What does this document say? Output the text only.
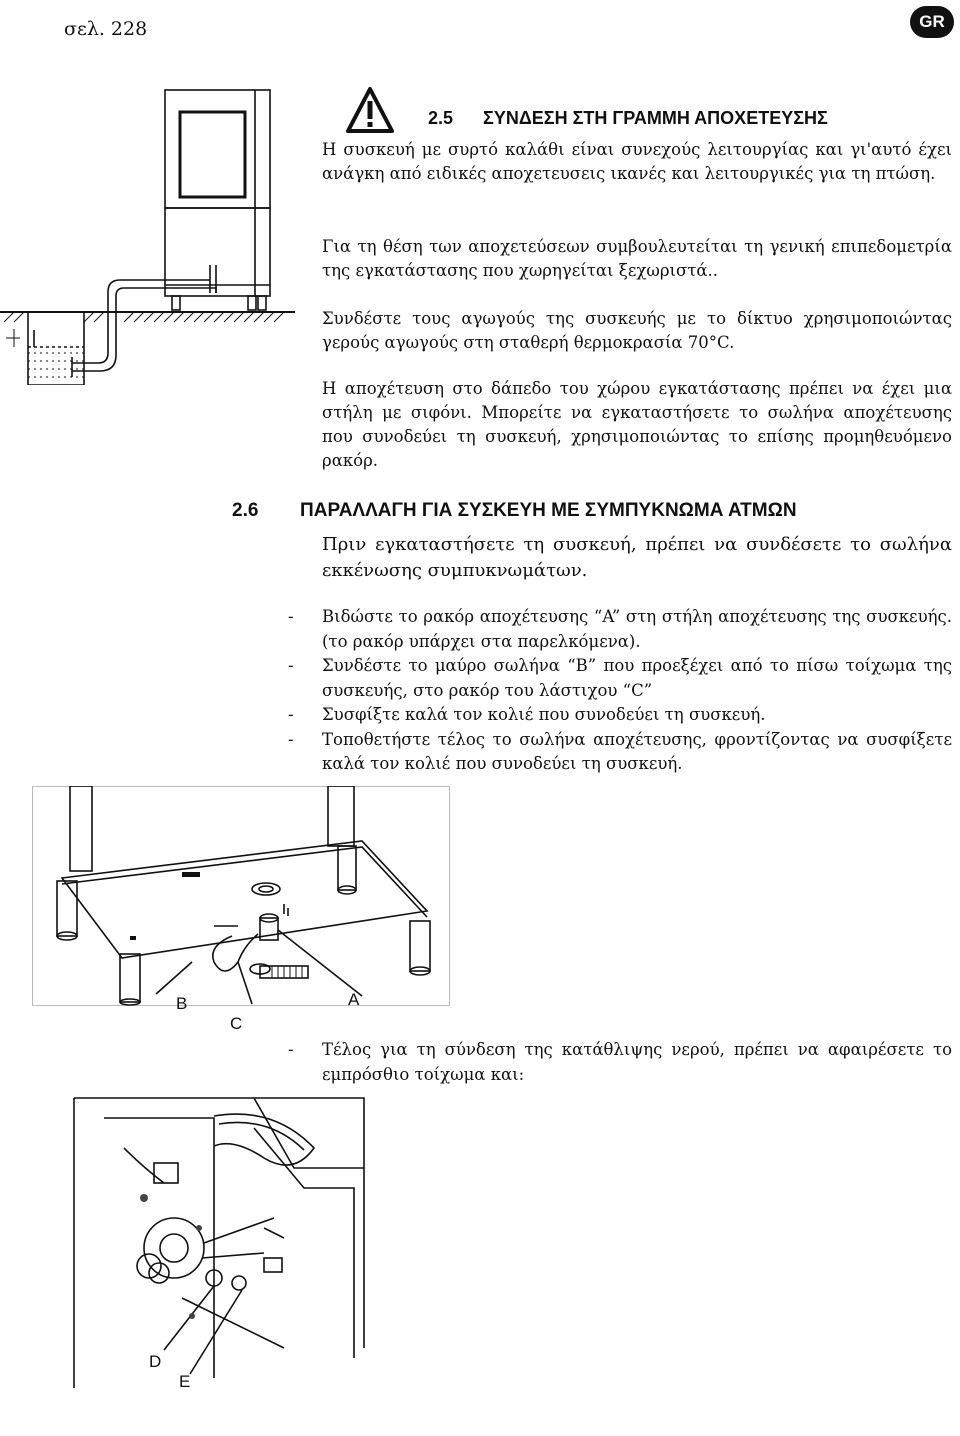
σελ. 228	GR
2.5      ΣΥΝΔΕΣΗ ΣΤΗ ΓΡΑΜΜΗ ΑΠΟΧΕΤΕΥΣΗΣ
Η συσκευή με συρτό καλάθι είναι συνεχούς λειτουργίας και γι'αυτό έχει ανάγκη από ειδικές αποχετευσεις ικανές και λειτουργικές για τη πτώση.
Για τη θέση των αποχετεύσεων συμβουλευτείται τη γενική επιπεδομετρία της εγκατάστασης που χωρηγείται ξεχωριστά..
Συνδέστε τους αγωγούς της συσκευής με το δίκτυο χρησιμοποιώντας γερούς αγωγούς στη σταθερή θερμοκρασία 70°C.
Η αποχέτευση στο δάπεδο του χώρου εγκατάστασης πρέπει να έχει μια στήλη με σιφόνι. Μπορείτε να εγκαταστήσετε το σωλήνα αποχέτευσης που συνοδεύει τη συσκευή, χρησιμοποιώντας το επίσης προμηθευόμενο ρακόρ.
2.6 ΠΑΡΑΛΛΑΓΗ ΓΙΑ ΣΥΣΚΕΥΗ ΜΕ ΣΥΜΠΥΚΝΩΜΑ ΑΤΜΩΝ
Πριν εγκαταστήσετε τη συσκευή, πρέπει να συνδέσετε το σωλήνα εκκένωσης συμπυκνωμάτων.
- Βιδώστε το ρακόρ αποχέτευσης “A” στη στήλη αποχέτευσης της συσκευής. (το ρακόρ υπάρχει στα παρελκόμενα).
- Συνδέστε το μαύρο σωλήνα “B” που προεξέχει από το πίσω τοίχωμα της συσκευής, στο ρακόρ του λάστιχου “C”
- Συσφίξτε καλά τον κολιέ που συνοδεύει τη συσκευή.
- Τοποθετήστε τέλος το σωλήνα αποχέτευσης, φροντίζοντας να συσφίξετε καλά τον κολιέ που συνοδεύει τη συσκευή.
B
C
A
- Τέλος για τη σύνδεση της κατάθλιψης νερού, πρέπει να αφαιρέσετε το εμπρόσθιο τοίχωμα και:
D
E
